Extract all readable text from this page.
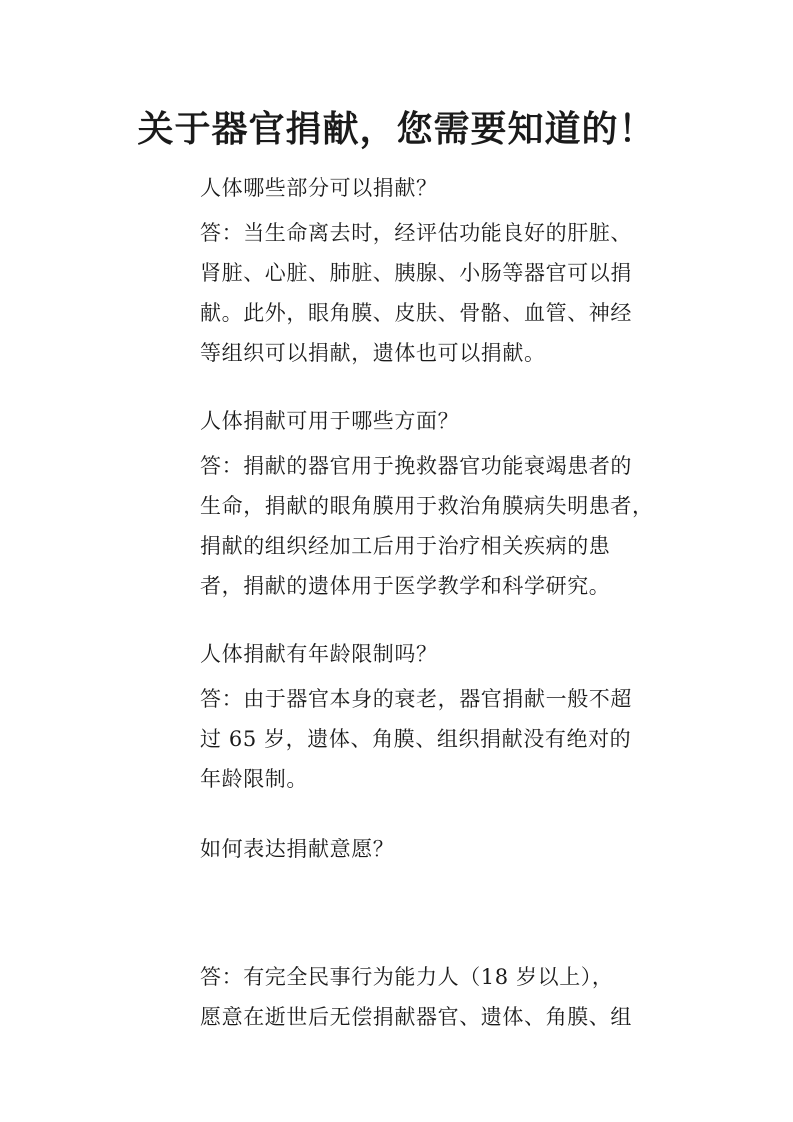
关于器官捐献，您需要知道的！
人体哪些部分可以捐献？
答：当生命离去时，经评估功能良好的肝脏、
肾脏、心脏、肺脏、胰腺、小肠等器官可以捐
献。此外，眼角膜、皮肤、骨骼、血管、神经
等组织可以捐献，遗体也可以捐献。
人体捐献可用于哪些方面？
答：捐献的器官用于挽救器官功能衰竭患者的
生命，捐献的眼角膜用于救治角膜病失明患者，
捐献的组织经加工后用于治疗相关疾病的患
者，捐献的遗体用于医学教学和科学研究。
人体捐献有年龄限制吗？
答：由于器官本身的衰老，器官捐献一般不超
过 65 岁，遗体、角膜、组织捐献没有绝对的
年龄限制。
如何表达捐献意愿？
答：有完全民事行为能力人（18 岁以上），
愿意在逝世后无偿捐献器官、遗体、角膜、组
